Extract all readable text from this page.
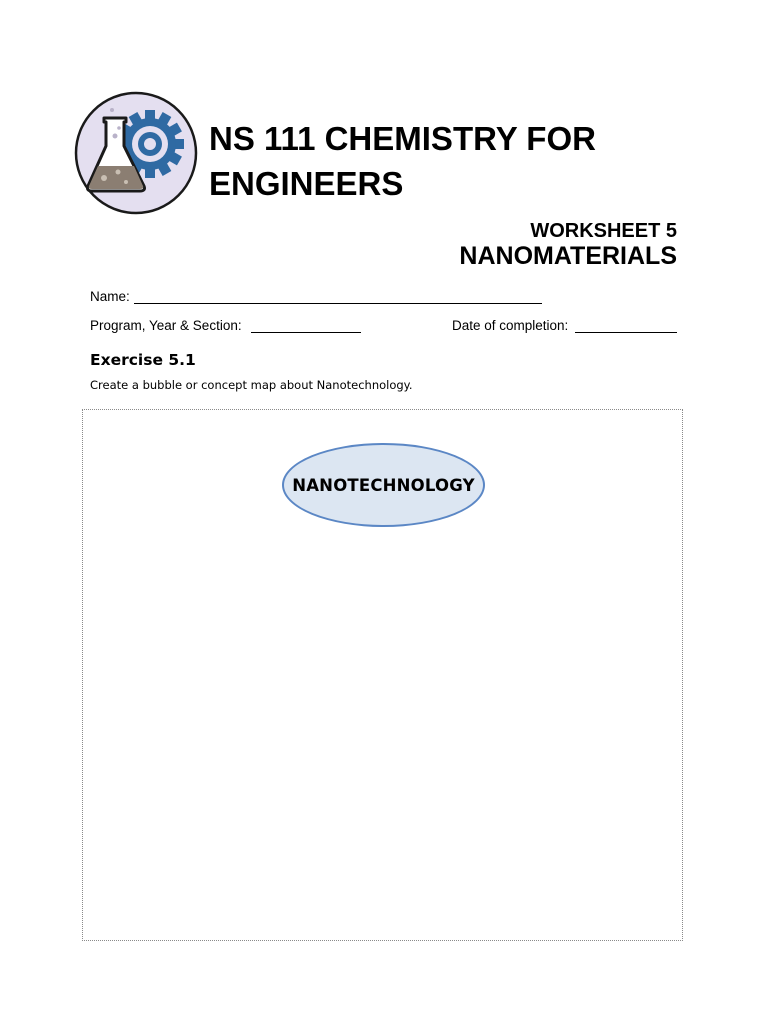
NS 111 CHEMISTRY FOR ENGINEERS
WORKSHEET 5
NANOMATERIALS
Name:
Program, Year & Section:	Date of completion:
Exercise 5.1
Create a bubble or concept map about Nanotechnology.
NANOTECHNOLOGY
